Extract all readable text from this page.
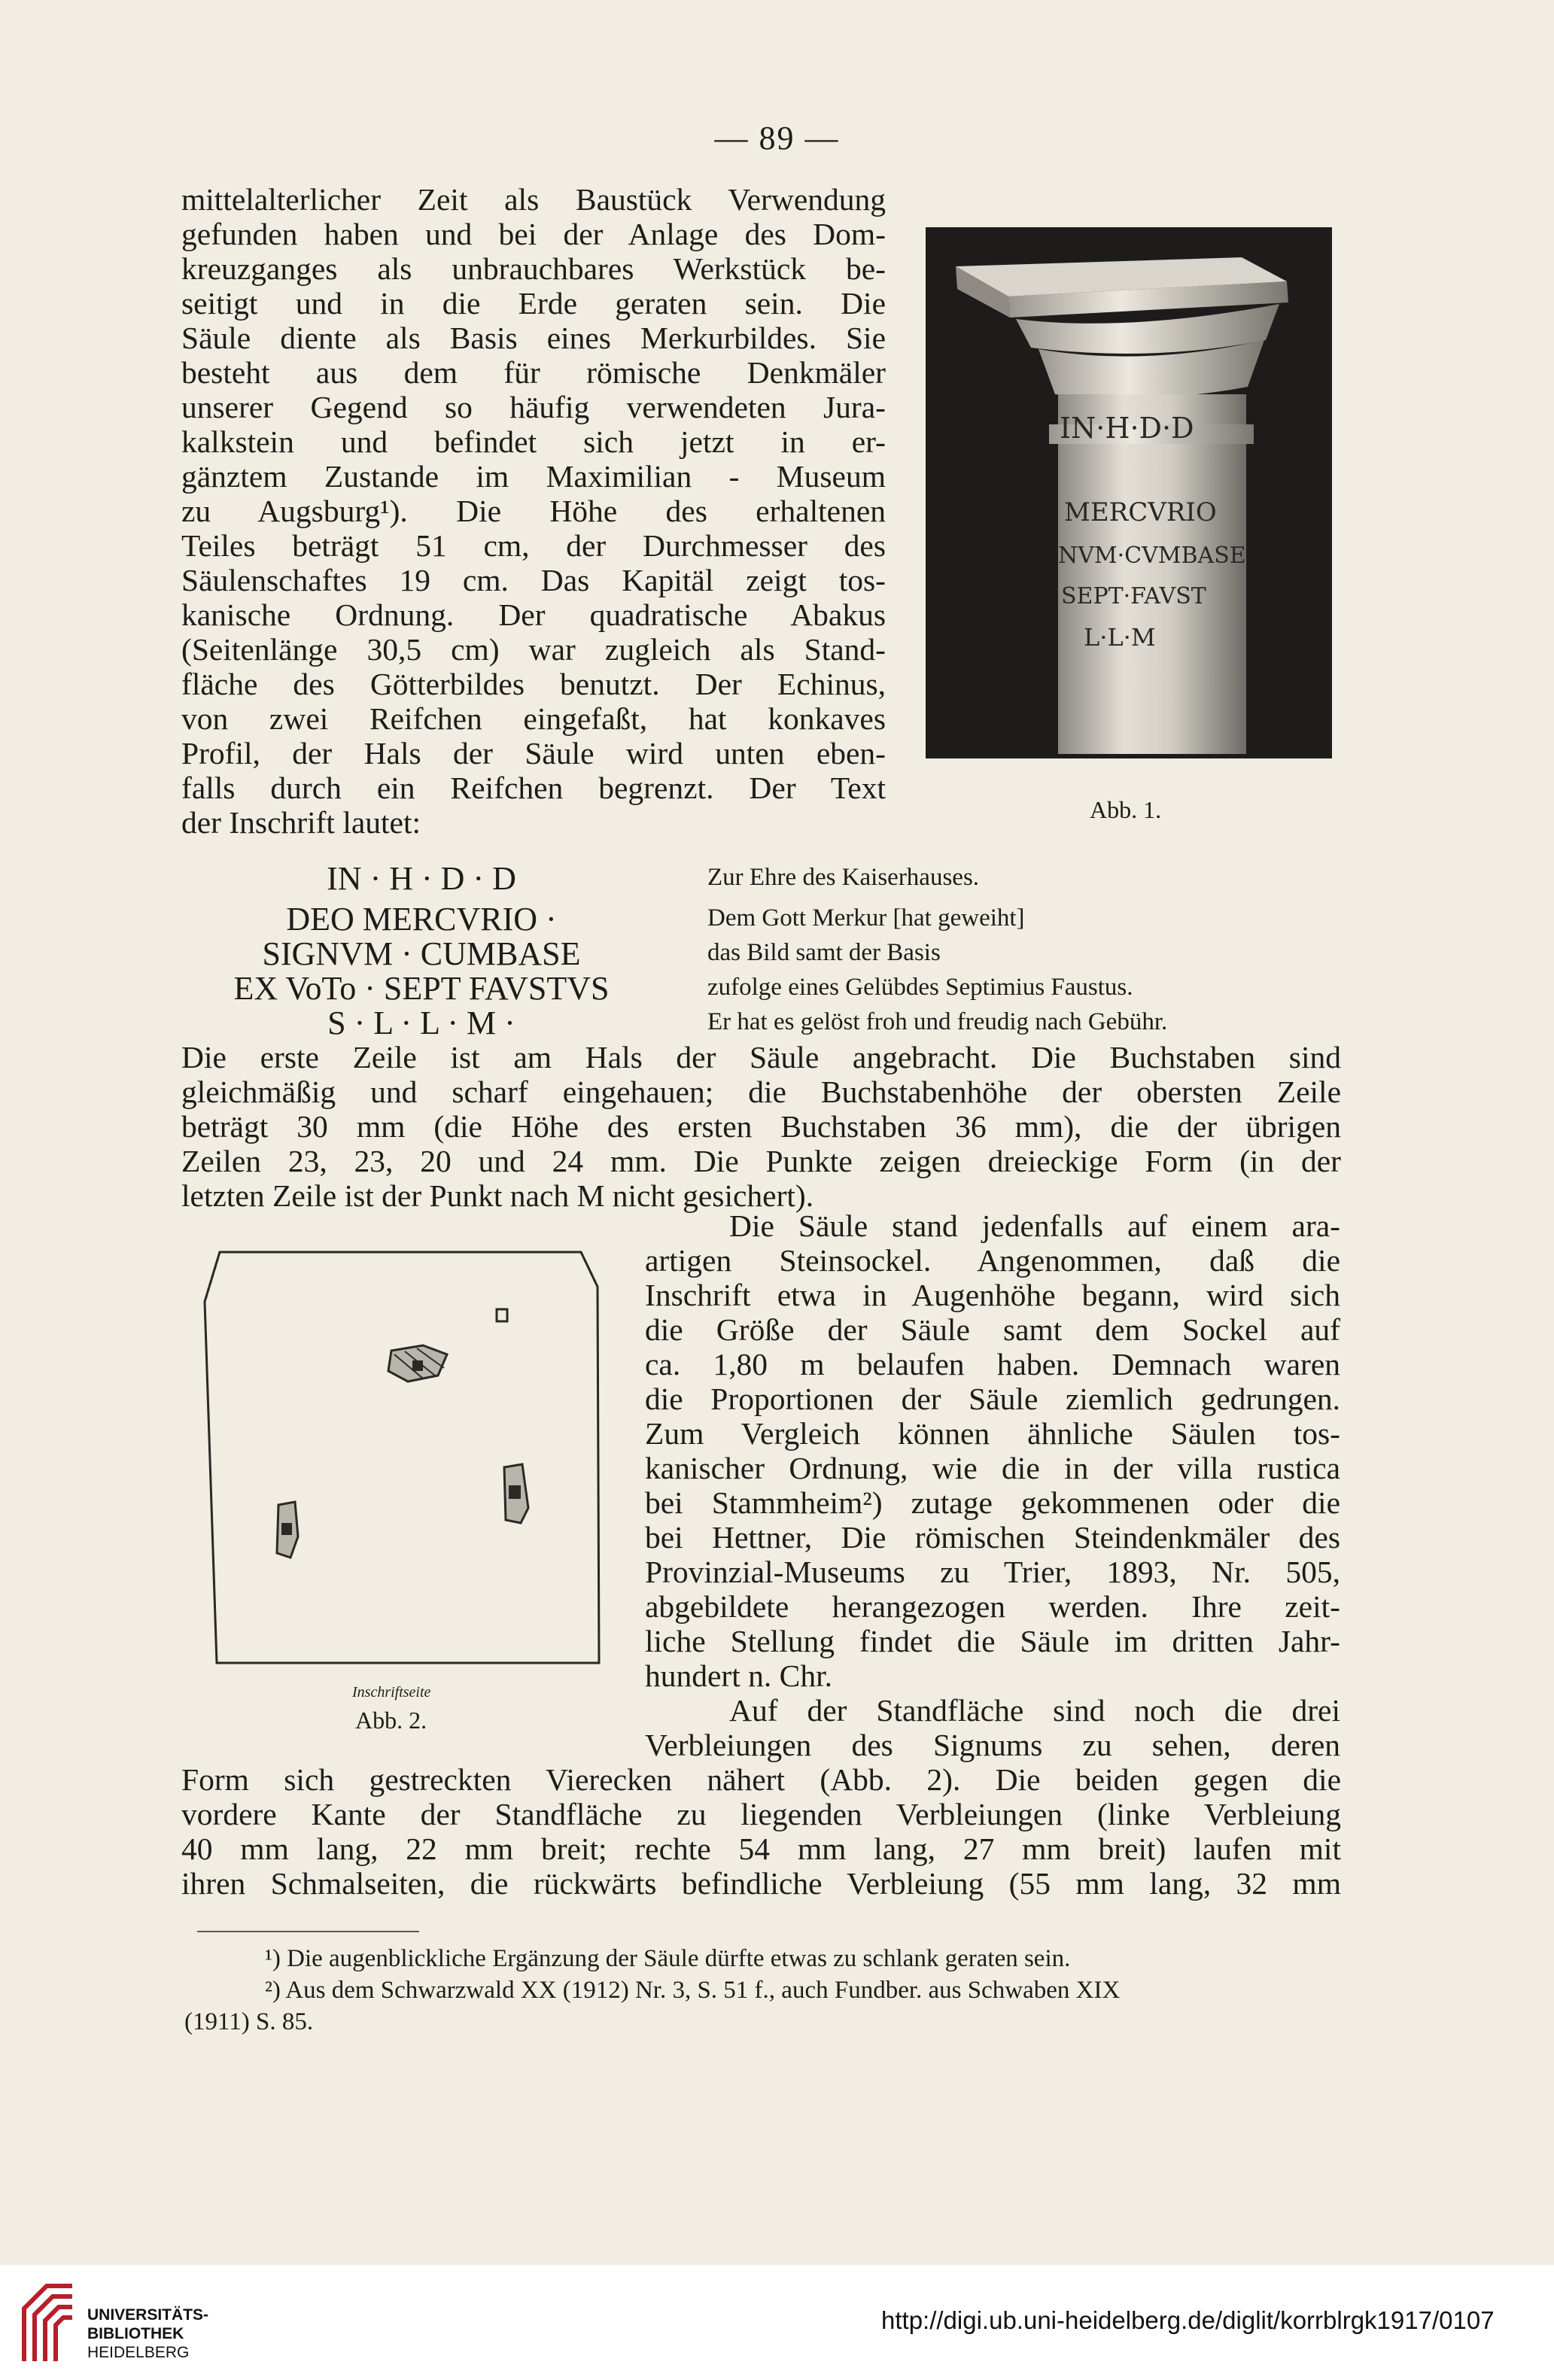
— 89 —
mittelalterlicher Zeit als Baustück Verwendung
gefunden haben und bei der Anlage des Dom-
kreuzganges als unbrauchbares Werkstück be-
seitigt und in die Erde geraten sein. Die
Säule diente als Basis eines Merkurbildes. Sie
besteht aus dem für römische Denkmäler
unserer Gegend so häufig verwendeten Jura-
kalkstein und befindet sich jetzt in er-
gänztem Zustande im Maximilian - Museum
zu Augsburg¹). Die Höhe des erhaltenen
Teiles beträgt 51 cm, der Durchmesser des
Säulenschaftes 19 cm. Das Kapitäl zeigt tos-
kanische Ordnung. Der quadratische Abakus
(Seitenlänge 30,5 cm) war zugleich als Stand-
fläche des Götterbildes benutzt. Der Echinus,
von zwei Reifchen eingefaßt, hat konkaves
Profil, der Hals der Säule wird unten eben-
falls durch ein Reifchen begrenzt. Der Text
der Inschrift lautet:
IN·H·D·D
MERCVRIO
NVM·CVMBASE
SEPT·FAVST
L·L·M
Abb. 1.
IN · H · D · D	Zur Ehre des Kaiserhauses.
DEO MERCVRIO ·	Dem Gott Merkur [hat geweiht]
SIGNVM · CUMBASE	das Bild samt der Basis
EX VoTo · SEPT FAVSTVS	zufolge eines Gelübdes Septimius Faustus.
S · L · L · M ·	Er hat es gelöst froh und freudig nach Gebühr.
Die erste Zeile ist am Hals der Säule angebracht. Die Buchstaben sind
gleichmäßig und scharf eingehauen; die Buchstabenhöhe der obersten Zeile
beträgt 30 mm (die Höhe des ersten Buchstaben 36 mm), die der übrigen
Zeilen 23, 23, 20 und 24 mm. Die Punkte zeigen dreieckige Form (in der
letzten Zeile ist der Punkt nach M nicht gesichert).
Abb. 2.
Inschriftseite
Die Säule stand jedenfalls auf einem ara-
artigen Steinsockel. Angenommen, daß die
Inschrift etwa in Augenhöhe begann, wird sich
die Größe der Säule samt dem Sockel auf
ca. 1,80 m belaufen haben. Demnach waren
die Proportionen der Säule ziemlich gedrungen.
Zum Vergleich können ähnliche Säulen tos-
kanischer Ordnung, wie die in der villa rustica
bei Stammheim²) zutage gekommenen oder die
bei Hettner, Die römischen Steindenkmäler des
Provinzial-Museums zu Trier, 1893, Nr. 505,
abgebildete herangezogen werden. Ihre zeit-
liche Stellung findet die Säule im dritten Jahr-
hundert n. Chr.
Auf der Standfläche sind noch die drei
Verbleiungen des Signums zu sehen, deren
Form sich gestreckten Vierecken nähert (Abb. 2). Die beiden gegen die
vordere Kante der Standfläche zu liegenden Verbleiungen (linke Verbleiung
40 mm lang, 22 mm breit; rechte 54 mm lang, 27 mm breit) laufen mit
ihren Schmalseiten, die rückwärts befindliche Verbleiung (55 mm lang, 32 mm
¹) Die augenblickliche Ergänzung der Säule dürfte etwas zu schlank geraten sein.
²) Aus dem Schwarzwald XX (1912) Nr. 3, S. 51 f., auch Fundber. aus Schwaben XIX
(1911) S. 85.
UNIVERSITÄTS-
BIBLIOTHEK
HEIDELBERG
http://digi.ub.uni-heidelberg.de/diglit/korrblrgk1917/0107
